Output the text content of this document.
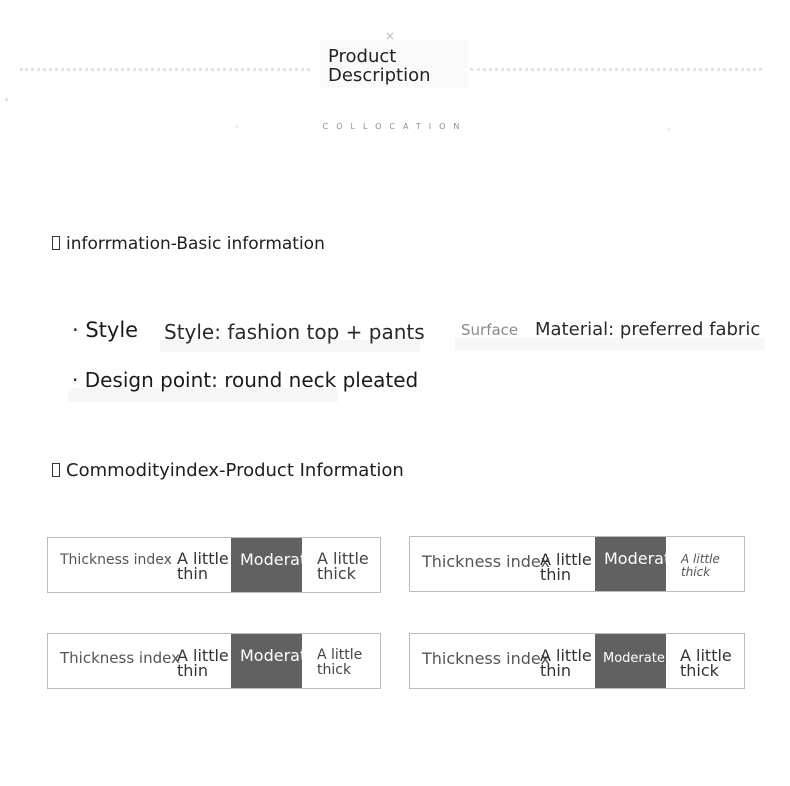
×
Product
Description
COLLOCATION
inforrmation-Basic information
· Style Style: fashion top + pants Surface Material: preferred fabric
· Design point: round neck pleated
Commodityindex-Product Information
Thickness index A little thin
Moderate A little thick
Thickness index
A little thin
Moderate A little thick
Thickness index
A little thin
Moderate A little thick
Thickness index
A little thin
Moderate A little thick
